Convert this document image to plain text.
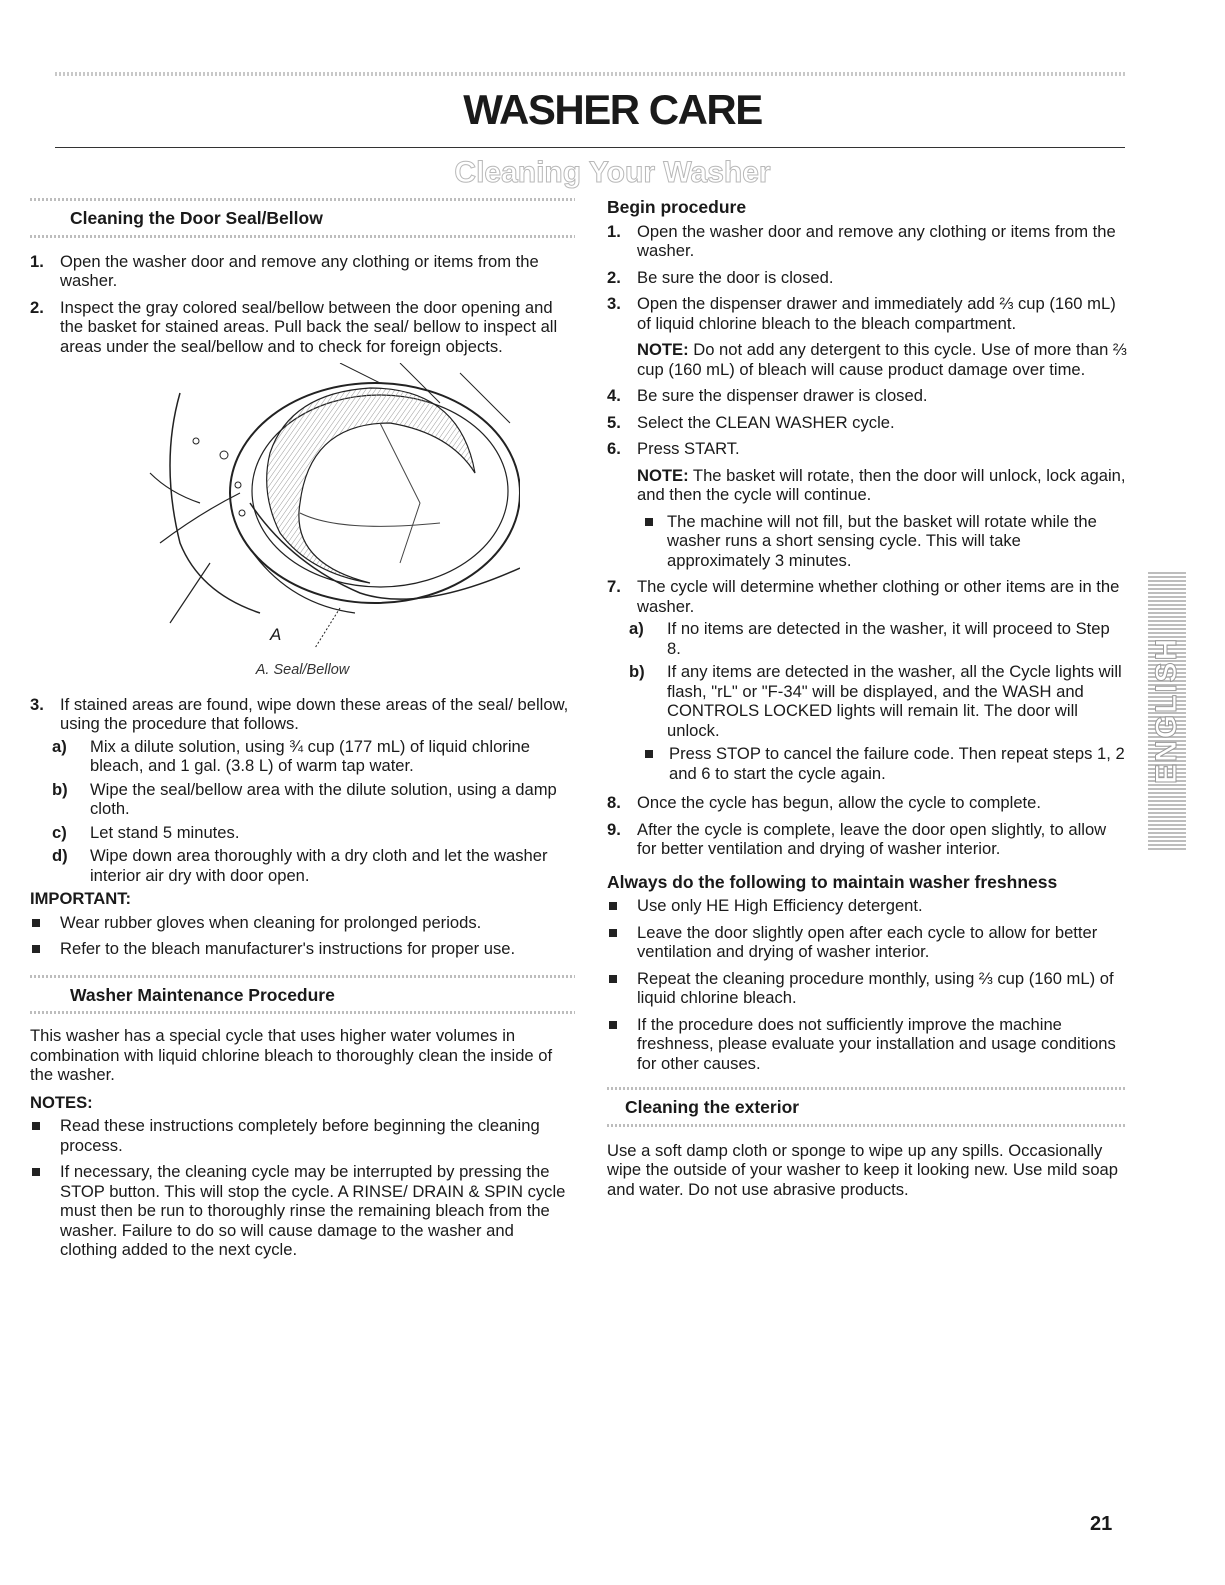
WASHER CARE
Cleaning Your Washer
Cleaning the Door Seal/Bellow
1. Open the washer door and remove any clothing or items from the washer.
2. Inspect the gray colored seal/bellow between the door opening and the basket for stained areas. Pull back the seal/ bellow to inspect all areas under the seal/bellow and to check for foreign objects.
A
A. Seal/Bellow
3. If stained areas are found, wipe down these areas of the seal/ bellow, using the procedure that follows.
a) Mix a dilute solution, using ¾ cup (177 mL) of liquid chlorine bleach, and 1 gal. (3.8 L) of warm tap water.
b) Wipe the seal/bellow area with the dilute solution, using a damp cloth.
c) Let stand 5 minutes.
d) Wipe down area thoroughly with a dry cloth and let the washer interior air dry with door open.
IMPORTANT:
Wear rubber gloves when cleaning for prolonged periods.
Refer to the bleach manufacturer's instructions for proper use.
Washer Maintenance Procedure
This washer has a special cycle that uses higher water volumes in combination with liquid chlorine bleach to thoroughly clean the inside of the washer.
NOTES:
Read these instructions completely before beginning the cleaning process.
If necessary, the cleaning cycle may be interrupted by pressing the STOP button. This will stop the cycle. A RINSE/ DRAIN & SPIN cycle must then be run to thoroughly rinse the remaining bleach from the washer. Failure to do so will cause damage to the washer and clothing added to the next cycle.
Begin procedure
1. Open the washer door and remove any clothing or items from the washer.
2. Be sure the door is closed.
3. Open the dispenser drawer and immediately add ⅔ cup (160 mL) of liquid chlorine bleach to the bleach compartment.
NOTE: Do not add any detergent to this cycle. Use of more than ⅔ cup (160 mL) of bleach will cause product damage over time.
4. Be sure the dispenser drawer is closed.
5. Select the CLEAN WASHER cycle.
6. Press START.
NOTE: The basket will rotate, then the door will unlock, lock again, and then the cycle will continue.
The machine will not fill, but the basket will rotate while the washer runs a short sensing cycle. This will take approximately 3 minutes.
7. The cycle will determine whether clothing or other items are in the washer.
a) If no items are detected in the washer, it will proceed to Step 8.
b) If any items are detected in the washer, all the Cycle lights will flash, "rL" or "F-34" will be displayed, and the WASH and CONTROLS LOCKED lights will remain lit. The door will unlock.
Press STOP to cancel the failure code. Then repeat steps 1, 2 and 6 to start the cycle again.
8. Once the cycle has begun, allow the cycle to complete.
9. After the cycle is complete, leave the door open slightly, to allow for better ventilation and drying of washer interior.
Always do the following to maintain washer freshness
Use only HE High Efficiency detergent.
Leave the door slightly open after each cycle to allow for better ventilation and drying of washer interior.
Repeat the cleaning procedure monthly, using ⅔ cup (160 mL) of liquid chlorine bleach.
If the procedure does not sufficiently improve the machine freshness, please evaluate your installation and usage conditions for other causes.
Cleaning the exterior
Use a soft damp cloth or sponge to wipe up any spills. Occasionally wipe the outside of your washer to keep it looking new. Use mild soap and water. Do not use abrasive products.
ENGLISH
21
